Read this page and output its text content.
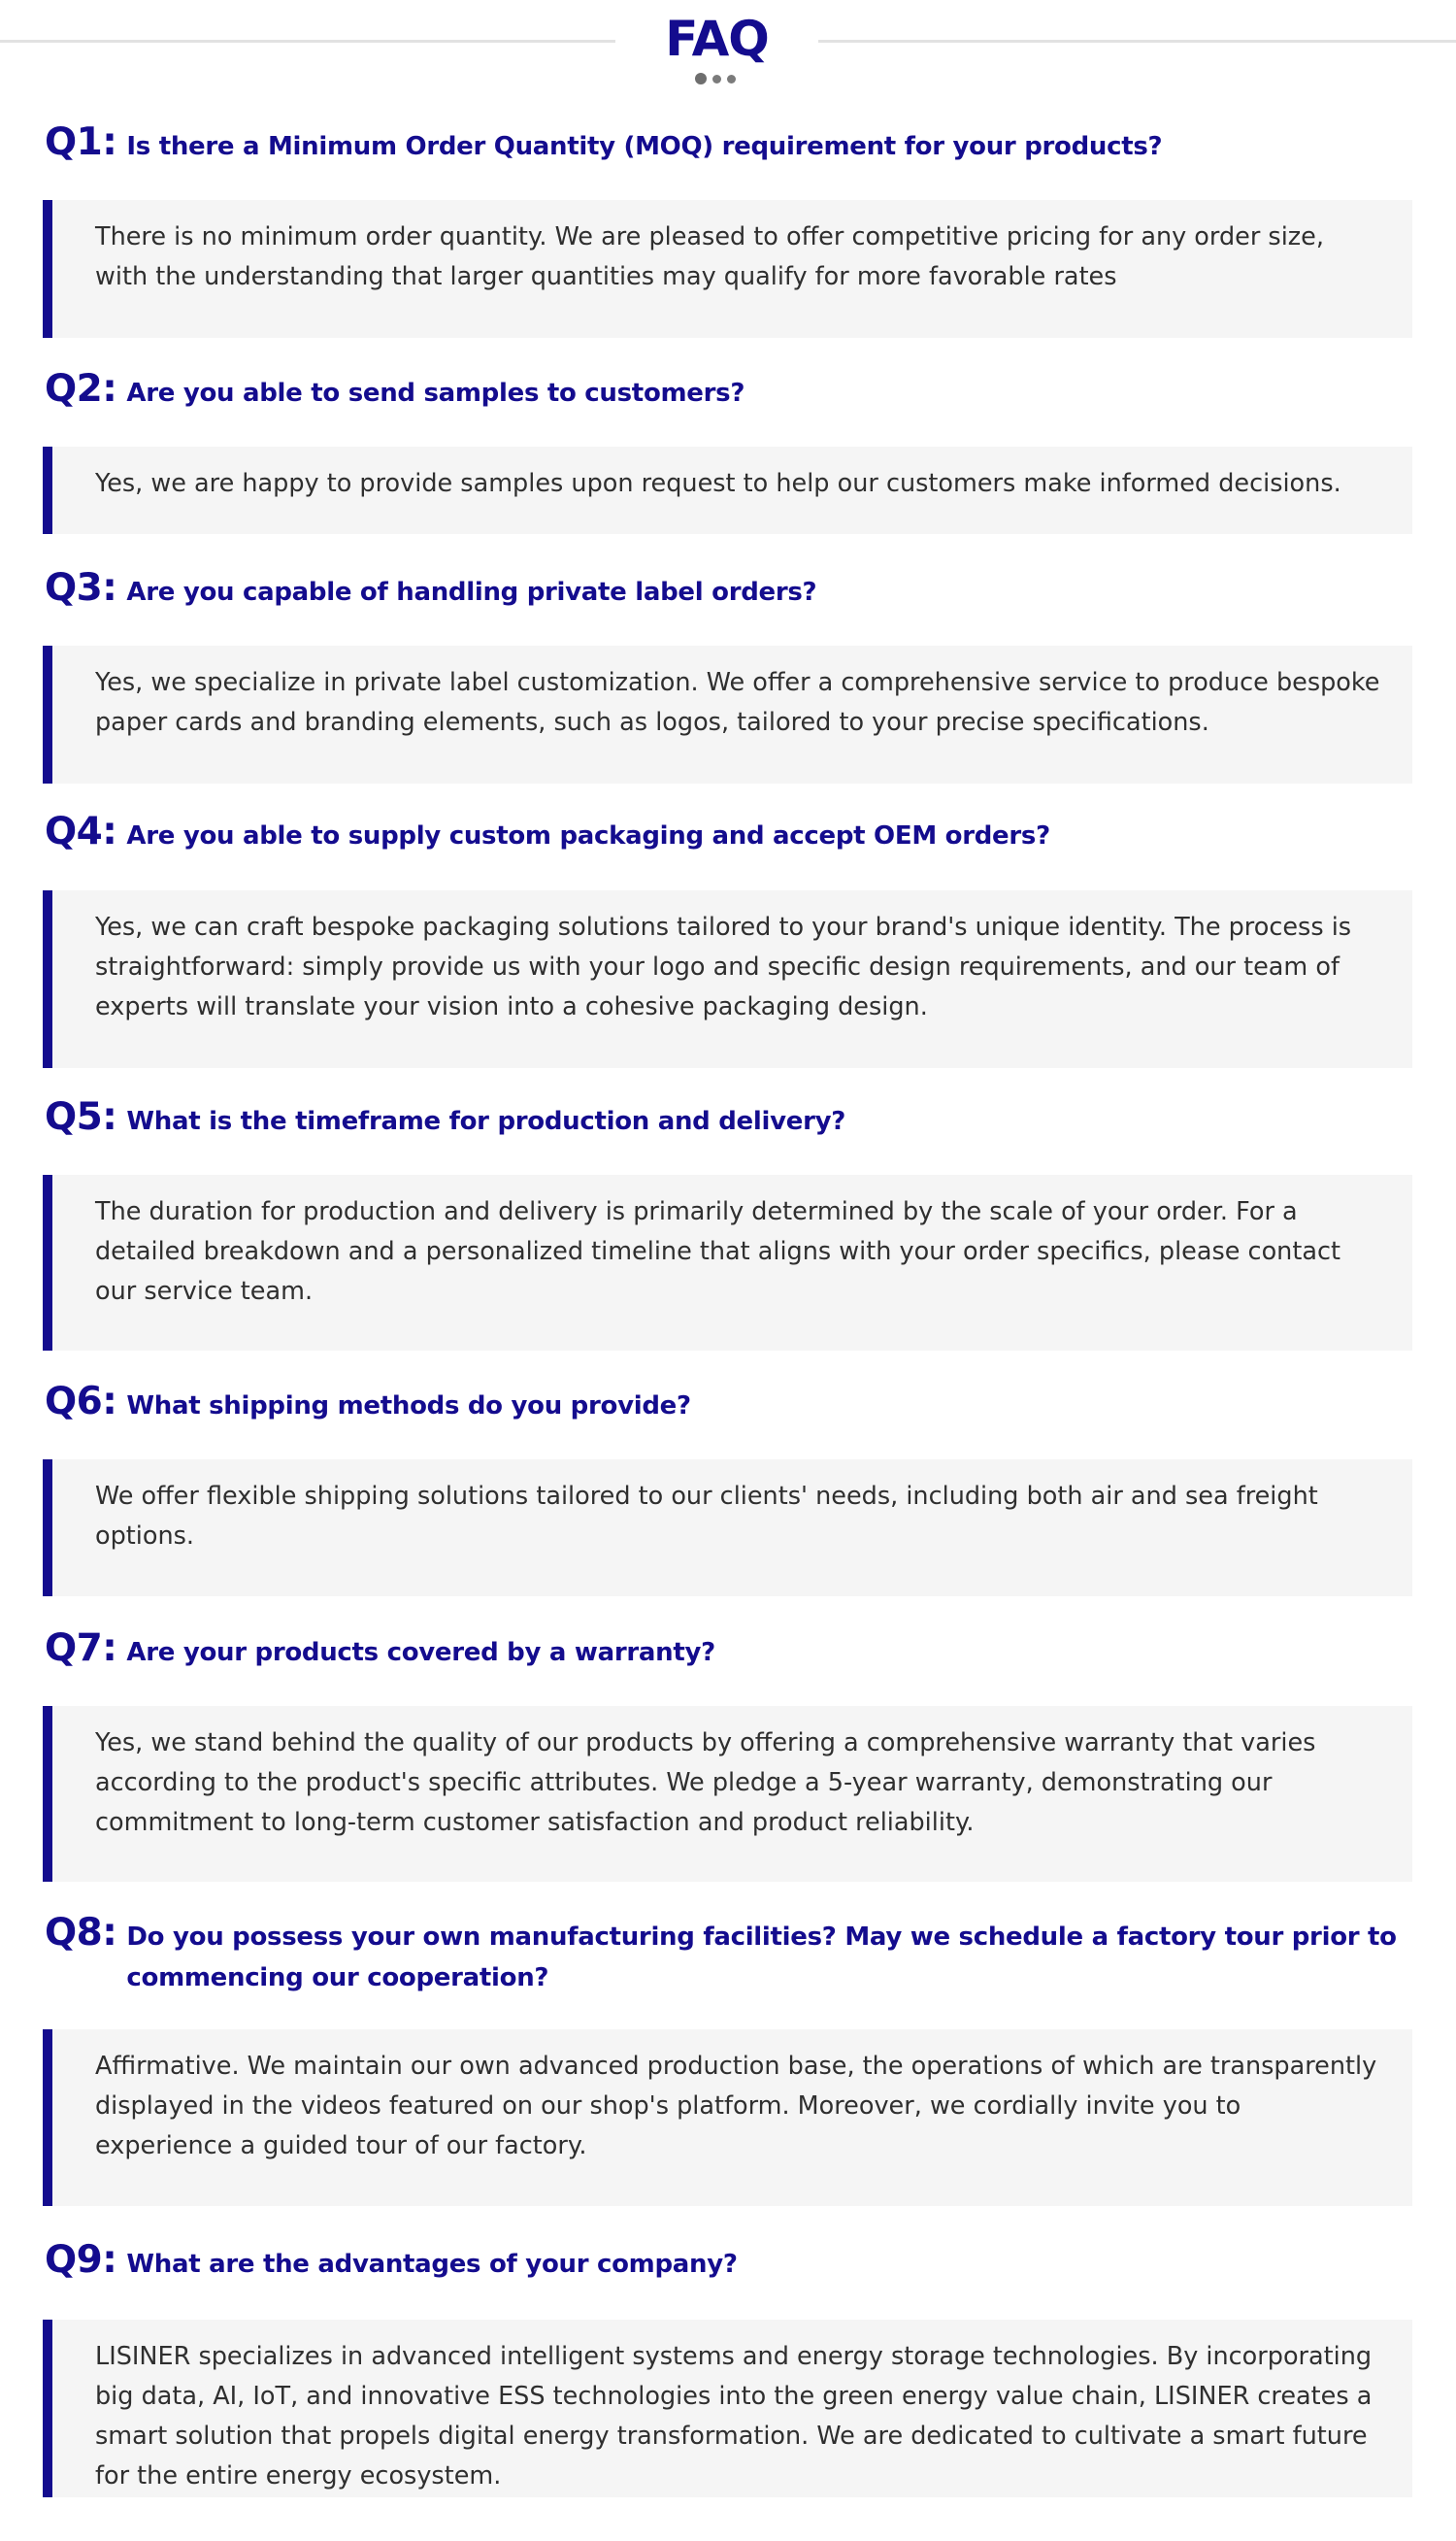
FAQ
Q1: Is there a Minimum Order Quantity (MOQ) requirement for your products?
There is no minimum order quantity. We are pleased to offer competitive pricing for any order size, with the understanding that larger quantities may qualify for more favorable rates
Q2: Are you able to send samples to customers?
Yes, we are happy to provide samples upon request to help our customers make informed decisions.
Q3: Are you capable of handling private label orders?
Yes, we specialize in private label customization. We offer a comprehensive service to produce bespoke paper cards and branding elements, such as logos, tailored to your precise specifications.
Q4: Are you able to supply custom packaging and accept OEM orders?
Yes, we can craft bespoke packaging solutions tailored to your brand's unique identity. The process is straightforward: simply provide us with your logo and specific design requirements, and our team of experts will translate your vision into a cohesive packaging design.
Q5: What is the timeframe for production and delivery?
The duration for production and delivery is primarily determined by the scale of your order. For a detailed breakdown and a personalized timeline that aligns with your order specifics, please contact our service team.
Q6: What shipping methods do you provide?
We offer flexible shipping solutions tailored to our clients' needs, including both air and sea freight options.
Q7: Are your products covered by a warranty?
Yes, we stand behind the quality of our products by offering a comprehensive warranty that varies according to the product's specific attributes. We pledge a 5-year warranty, demonstrating our commitment to long-term customer satisfaction and product reliability.
Q8: Do you possess your own manufacturing facilities? May we schedule a factory tour prior to commencing our cooperation?
Affirmative. We maintain our own advanced production base, the operations of which are transparently displayed in the videos featured on our shop's platform. Moreover, we cordially invite you to experience a guided tour of our factory.
Q9: What are the advantages of your company?
LISINER specializes in advanced intelligent systems and energy storage technologies. By incorporating big data, AI, IoT, and innovative ESS technologies into the green energy value chain, LISINER creates a smart solution that propels digital energy transformation. We are dedicated to cultivate a smart future for the entire energy ecosystem.
